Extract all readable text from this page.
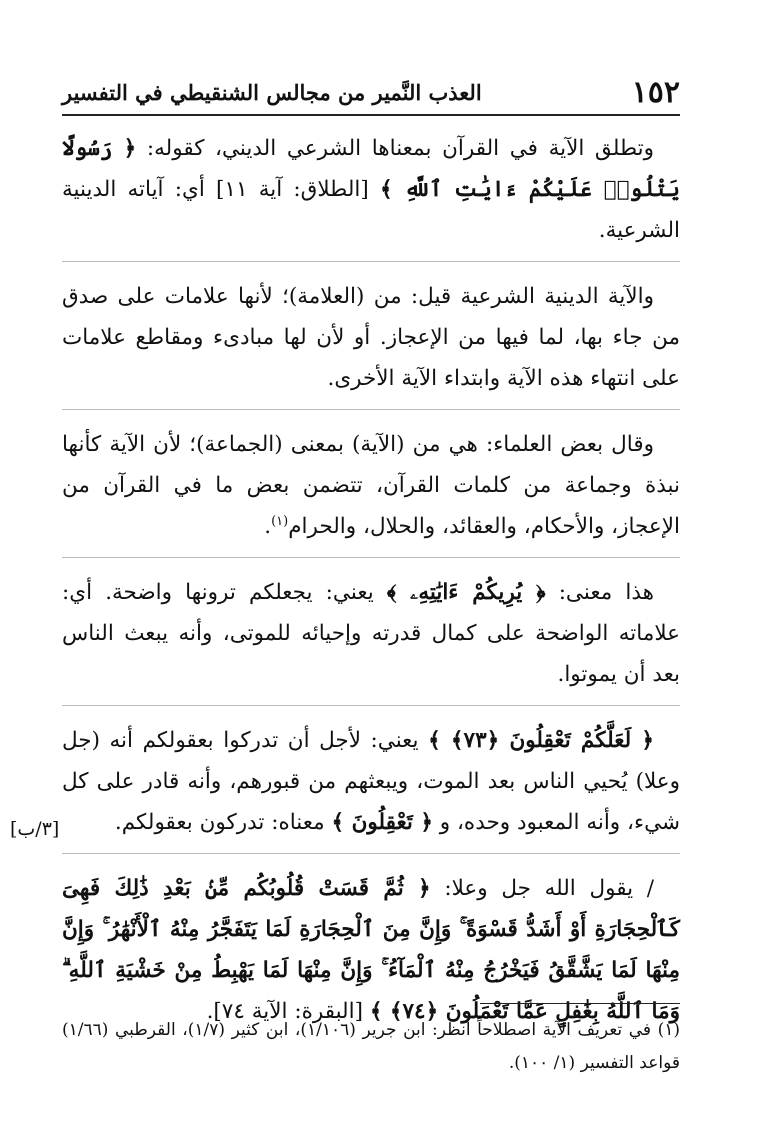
١٥٢
العذب النَّمير من مجالس الشنقيطي في التفسير
[٣/ب]

وتطلق الآية في القرآن بمعناها الشرعي الديني، كقوله: ﴿ رَسُولًا يَتْلُوا۟ عَلَيْكُمْ ءَايَٰتِ ٱللَّهِ ﴾ [الطلاق: آية ١١] أي: آياته الدينية الشرعية.

والآية الدينية الشرعية قيل: من (العلامة)؛ لأنها علامات على صدق من جاء بها، لما فيها من الإعجاز. أو لأن لها مبادىء ومقاطع علامات على انتهاء هذه الآية وابتداء الآية الأخرى.

وقال بعض العلماء: هي من (الآية) بمعنى (الجماعة)؛ لأن الآية كأنها نبذة وجماعة من كلمات القرآن، تتضمن بعض ما في القرآن من الإعجاز، والأحكام، والعقائد، والحلال، والحرام$^{(١)}$.

هذا معنى: ﴿ يُرِيكُمْ ءَايَٰتِهِۦ ﴾ يعني: يجعلكم ترونها واضحة. أي: علاماته الواضحة على كمال قدرته وإحيائه للموتى، وأنه يبعث الناس بعد أن يموتوا.

﴿ لَعَلَّكُمْ تَعْقِلُونَ ﴿٧٣﴾ ﴾ يعني: لأجل أن تدركوا بعقولكم أنه (جل وعلا) يُحيي الناس بعد الموت، ويبعثهم من قبورهم، وأنه قادر على كل شيء، وأنه المعبود وحده، و ﴿ تَعْقِلُونَ ﴾ معناه: تدركون بعقولكم.

/ يقول الله جل وعلا: ﴿ ثُمَّ قَسَتْ قُلُوبُكُم مِّنۢ بَعْدِ ذَٰلِكَ فَهِىَ كَٱلْحِجَارَةِ أَوْ أَشَدُّ قَسْوَةً ۚ وَإِنَّ مِنَ ٱلْحِجَارَةِ لَمَا يَتَفَجَّرُ مِنْهُ ٱلْأَنْهَٰرُ ۚ وَإِنَّ مِنْهَا لَمَا يَشَّقَّقُ فَيَخْرُجُ مِنْهُ ٱلْمَآءُ ۚ وَإِنَّ مِنْهَا لَمَا يَهْبِطُ مِنْ خَشْيَةِ ٱللَّهِ ۗ وَمَا ٱللَّهُ بِغَٰفِلٍ عَمَّا تَعْمَلُونَ ﴿٧٤﴾ ﴾ [البقرة: الآية ٧٤].

(١) في تعريف الآية اصطلاحاً انظر: ابن جرير (١/١٠٦)، ابن كثير (١/٧)، القرطبي (١/٦٦) قواعد التفسير (١/ ١٠٠).
